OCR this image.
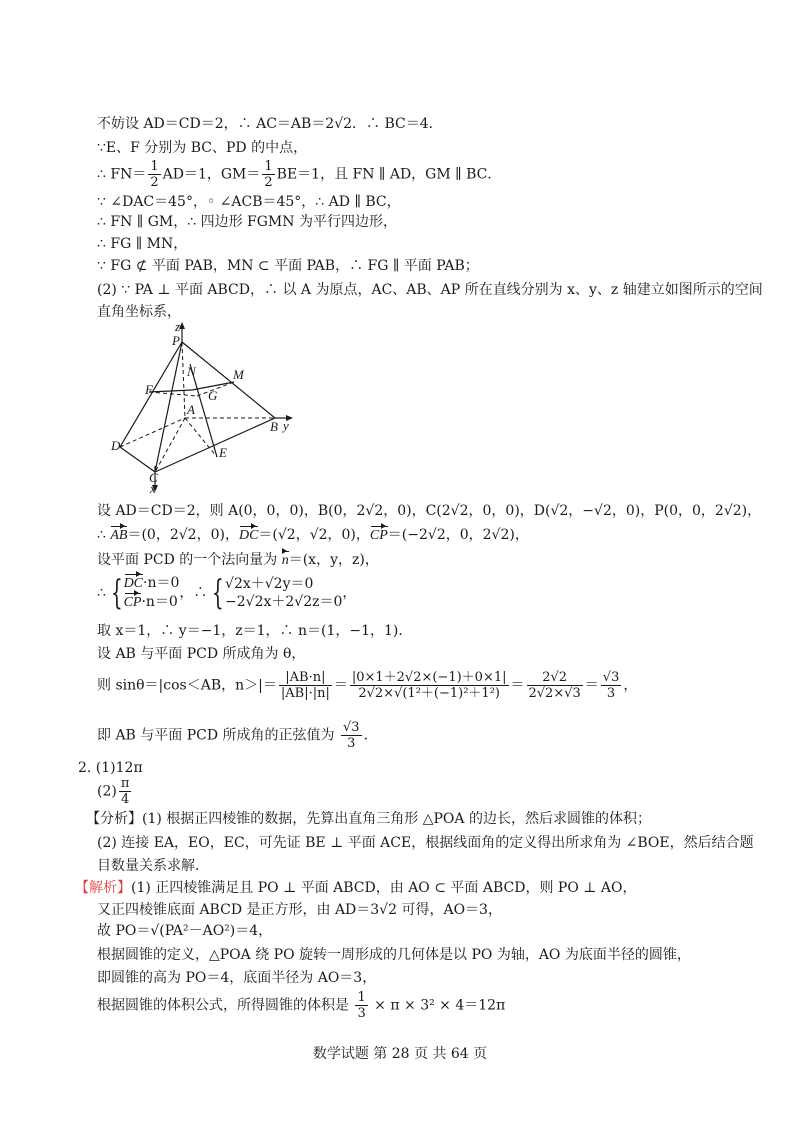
不妨设 AD＝CD＝2，∴ AC＝AB＝2√2．∴ BC＝4．
∵E、F 分别为 BC、PD 的中点，
∴ $FN= \frac{1}{2} AD=1$，$GM= \frac{1}{2} BE=1$，且 FN ∥ AD，GM ∥ BC．
∵ ∠DAC＝45°，◦ ∠ACB＝45°，∴ AD ∥ BC，
∴ FN ∥ GM，∴ 四边形 FGMN 为平行四边形，
∴ FG ∥ MN，
∵ FG ⊄ 平面 PAB，MN ⊂ 平面 PAB，∴ FG ∥ 平面 PAB；
(2) ∵ PA ⊥ 平面 ABCD，∴ 以 A 为原点，AC、AB、AP 所在直线分别为 x、y、z 轴建立如图所示的空间
直角坐标系，
z
P
N	M
F	G
A
B y
D	E
C
x
设 AD＝CD＝2，则 A(0，0，0)，B(0，2√2，0)，C(2√2，0，0)，D(√2，−√2，0)，P(0，0，2√2)，
∴ AB＝(0，2√2，0)，DC＝(√2，√2，0)，CP＝(−2√2，0，2√2)，
设平面 PCD 的一个法向量为 n＝(x，y，z)，
∴ { DC·n＝0
CP·n＝0
，∴ { √2x＋√2y＝0
−2√2x＋2√2z＝0
，
取 x＝1，∴ y＝−1，z＝1，∴ n＝(1，−1，1)．
设 AB 与平面 PCD 所成角为 θ，
则 sinθ＝|cos＜AB，$n>|= \frac{|AB\cdot n|}{|AB|\cdot|n|} = \frac{|0\times 1+2√2\times(-1)+0\times 1|}{\text{2√2×√(1²＋(−1)²＋1²)}} = \frac{2√2}{2√2\times√3} = \frac{√3}{3}$ ，
即 AB 与平面 PCD 所成角的正弦值为 $\frac{√3}{3}$ ．
2. (1)12π
$(2) \frac{\pi}{4}$
【分析】(1) 根据正四棱锥的数据，先算出直角三角形 △POA 的边长，然后求圆锥的体积；
(2) 连接 EA，EO，EC，可先证 BE ⊥ 平面 ACE，根据线面角的定义得出所求角为 ∠BOE，然后结合题
目数量关系求解．
【解析】(1) 正四棱锥满足且 PO ⊥ 平面 ABCD，由 AO ⊂ 平面 ABCD，则 PO ⊥ AO，
又正四棱锥底面 ABCD 是正方形，由 AD＝3√2 可得，AO＝3，
故 PO＝√(PA²－AO²)＝4，
根据圆锥的定义，△POA 绕 PO 旋转一周形成的几何体是以 PO 为轴，AO 为底面半径的圆锥，
即圆锥的高为 PO＝4，底面半径为 AO＝3，
根据圆锥的体积公式，所得圆锥的体积是 $\frac{1}{3} \times \pi \times 3^2 \times 4=12\pi$
数学试题 第 28 页 共 64 页
